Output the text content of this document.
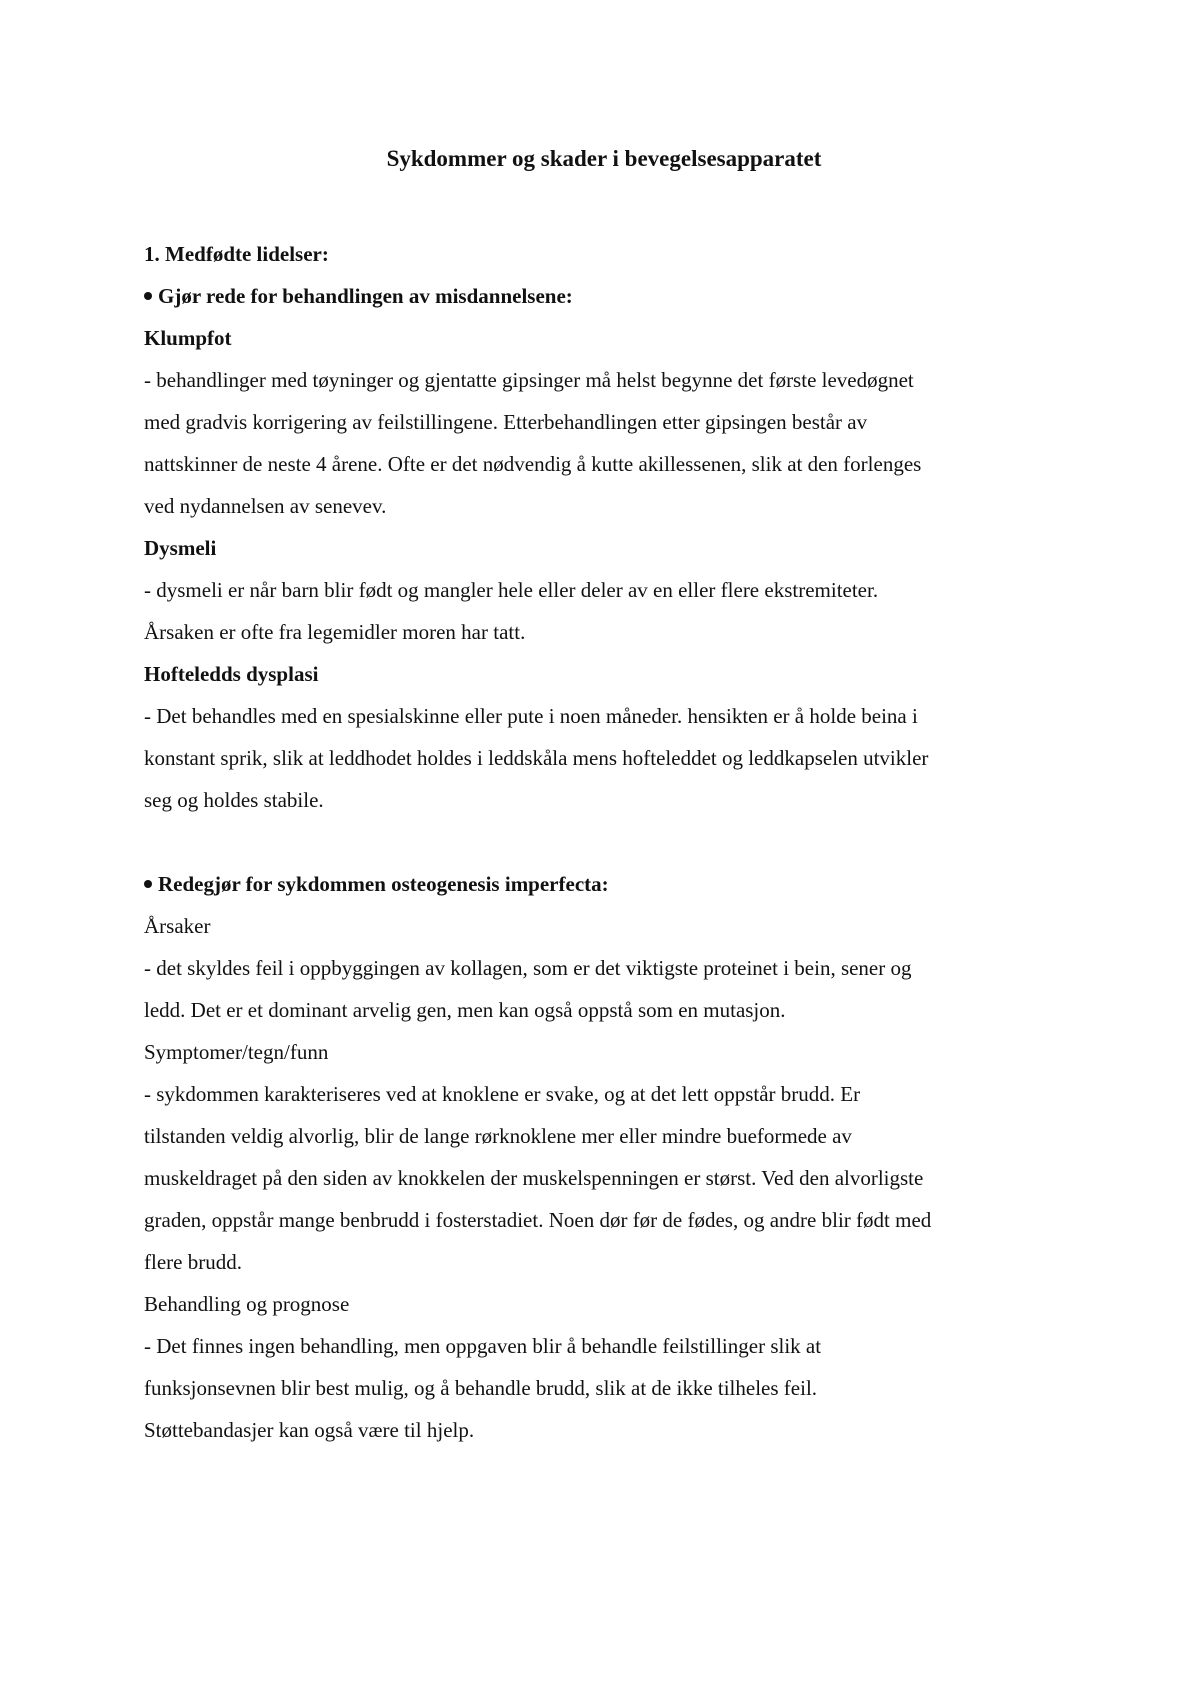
Sykdommer og skader i bevegelsesapparatet

1. Medfødte lidelser:

Gjør rede for behandlingen av misdannelsene:

Klumpfot

- behandlinger med tøyninger og gjentatte gipsinger må helst begynne det første levedøgnet

med gradvis korrigering av feilstillingene. Etterbehandlingen etter gipsingen består av

nattskinner de neste 4 årene. Ofte er det nødvendig å kutte akillessenen, slik at den forlenges

ved nydannelsen av senevev.

Dysmeli

- dysmeli er når barn blir født og mangler hele eller deler av en eller flere ekstremiteter.

Årsaken er ofte fra legemidler moren har tatt.

Hofteledds dysplasi

- Det behandles med en spesialskinne eller pute i noen måneder. hensikten er å holde beina i

konstant sprik, slik at leddhodet holdes i leddskåla mens hofteleddet og leddkapselen utvikler

seg og holdes stabile.

Redegjør for sykdommen osteogenesis imperfecta:

Årsaker

- det skyldes feil i oppbyggingen av kollagen, som er det viktigste proteinet i bein, sener og

ledd. Det er et dominant arvelig gen, men kan også oppstå som en mutasjon.

Symptomer/tegn/funn

- sykdommen karakteriseres ved at knoklene er svake, og at det lett oppstår brudd. Er

tilstanden veldig alvorlig, blir de lange rørknoklene mer eller mindre bueformede av

muskeldraget på den siden av knokkelen der muskelspenningen er størst. Ved den alvorligste

graden, oppstår mange benbrudd i fosterstadiet. Noen dør før de fødes, og andre blir født med

flere brudd.

Behandling og prognose

- Det finnes ingen behandling, men oppgaven blir å behandle feilstillinger slik at

funksjonsevnen blir best mulig, og å behandle brudd, slik at de ikke tilheles feil.

Støttebandasjer kan også være til hjelp.
